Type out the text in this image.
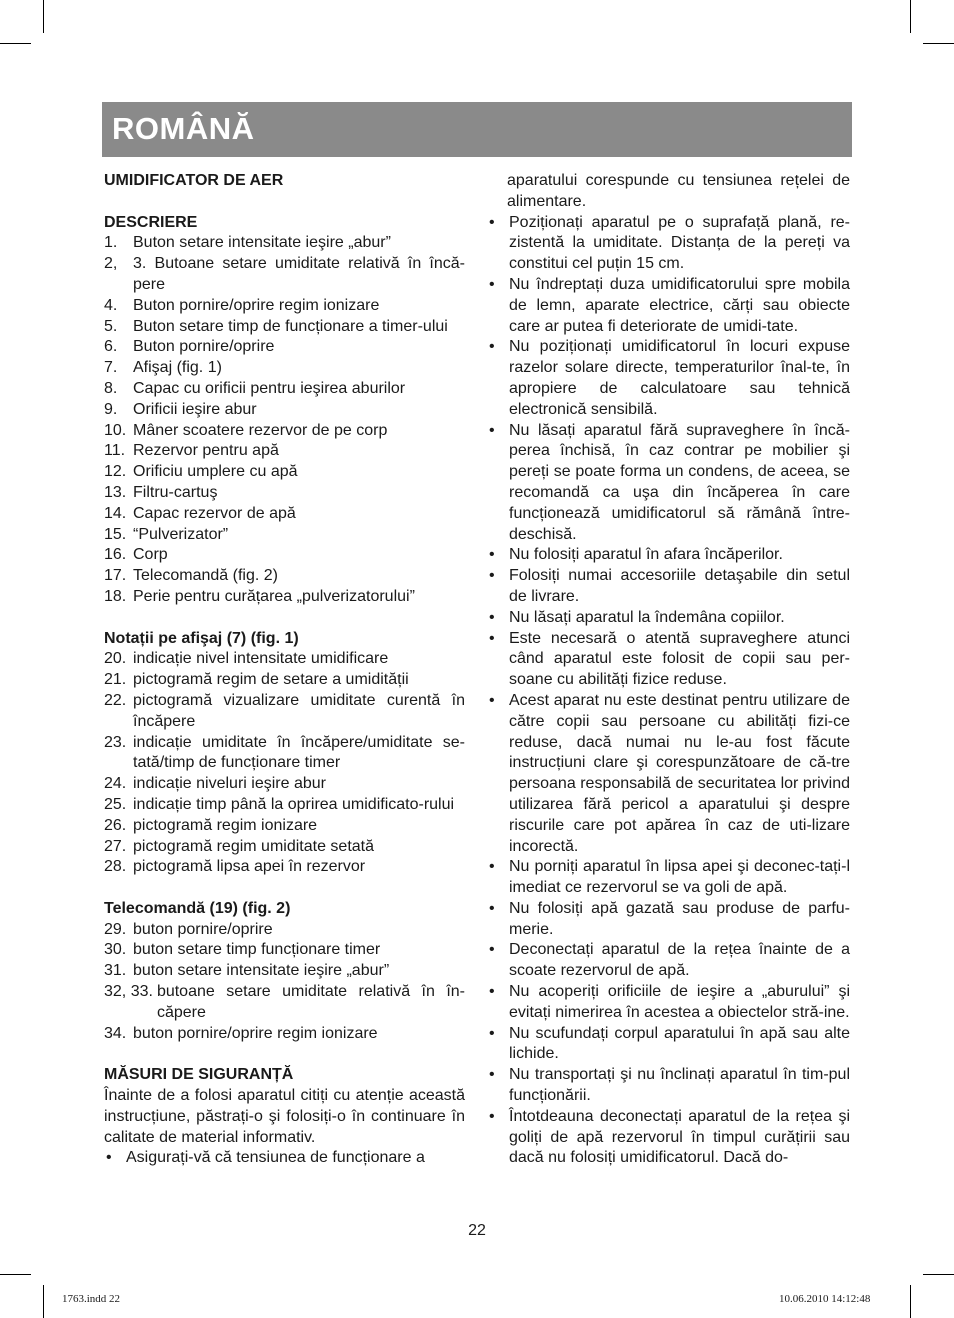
ROMÂNĂ

UMIDIFICATOR DE AER

DESCRIERE

1. Buton setare intensitate ieşire „abur”
2, 3. Butoane setare umiditate relativă în încă-pere
4. Buton pornire/oprire regim ionizare
5. Buton setare timp de funcționare a timer-ului
6. Buton pornire/oprire
7. Afişaj (fig. 1)
8. Capac cu orificii pentru ieşirea aburilor
9. Orificii ieşire abur
10. Mâner scoatere rezervor de pe corp
11. Rezervor pentru apă
12. Orificiu umplere cu apă
13. Filtru-cartuş
14. Capac rezervor de apă
15. “Pulverizator”
16. Corp
17. Telecomandă (fig. 2)
18. Perie pentru curățarea „pulverizatorului”

Notații pe afişaj (7) (fig. 1)

20. indicație nivel intensitate umidificare
21. pictogramă regim de setare a umidității
22. pictogramă vizualizare umiditate curentă în încăpere
23. indicație umiditate în încăpere/umiditate se-tată/timp de funcționare timer
24. indicație niveluri ieşire abur
25. indicație timp până la oprirea umidificato-rului
26. pictogramă regim ionizare
27. pictogramă regim umiditate setată
28. pictogramă lipsa apei în rezervor

Telecomandă (19) (fig. 2)

29. buton pornire/oprire
30. buton setare timp funcționare timer
31. buton setare intensitate ieşire „abur”
32, 33. butoane setare umiditate relativă în în-căpere
34. buton pornire/oprire regim ionizare

MĂSURI DE SIGURANȚĂ

Înainte de a folosi aparatul citiți cu atenție această instrucțiune, păstrați-o şi folosiți-o în continuare în calitate de material informativ.

• Asigurați-vă că tensiunea de funcționare a
aparatului corespunde cu tensiunea rețelei de alimentare.
• Poziționați aparatul pe o suprafață plană, re-zistentă la umiditate. Distanța de la pereți va constitui cel puțin 15 cm.
• Nu îndreptați duza umidificatorului spre mobila de lemn, aparate electrice, cărți sau obiecte care ar putea fi deteriorate de umidi-tate.
• Nu poziționați umidificatorul în locuri expuse razelor solare directe, temperaturilor înal-te, în apropiere de calculatoare sau tehnică electronică sensibilă.
• Nu lăsați aparatul fără supraveghere în încă-perea închisă, în caz contrar pe mobilier şi pereți se poate forma un condens, de aceea, se recomandă ca uşa din încăperea în care funcționează umidificatorul să rămână între-deschisă.
• Nu folosiți aparatul în afara încăperilor.
• Folosiți numai accesoriile detaşabile din setul de livrare.
• Nu lăsați aparatul la îndemâna copiilor.
• Este necesară o atentă supraveghere atunci când aparatul este folosit de copii sau per-soane cu abilități fizice reduse.
• Acest aparat nu este destinat pentru utilizare de către copii sau persoane cu abilități fizi-ce reduse, dacă numai nu le-au fost făcute instrucțiuni clare şi corespunzătoare de că-tre persoana responsabilă de securitatea lor privind utilizarea fără pericol a aparatului şi despre riscurile care pot apărea în caz de uti-lizare incorectă.
• Nu porniți aparatul în lipsa apei şi deconec-tați-l imediat ce rezervorul se va goli de apă.
• Nu folosiți apă gazată sau produse de parfu-merie.
• Deconectați aparatul de la rețea înainte de a scoate rezervorul de apă.
• Nu acoperiți orificiile de ieşire a „aburului” şi evitați nimerirea în acestea a obiectelor stră-ine.
• Nu scufundați corpul aparatului în apă sau alte lichide.
• Nu transportați şi nu înclinați aparatul în tim-pul funcționării.
• Întotdeauna deconectați aparatul de la rețea şi goliți de apă rezervorul în timpul curățirii sau dacă nu folosiți umidificatorul. Dacă do-
22
1763.indd 22	10.06.2010 14:12:48
